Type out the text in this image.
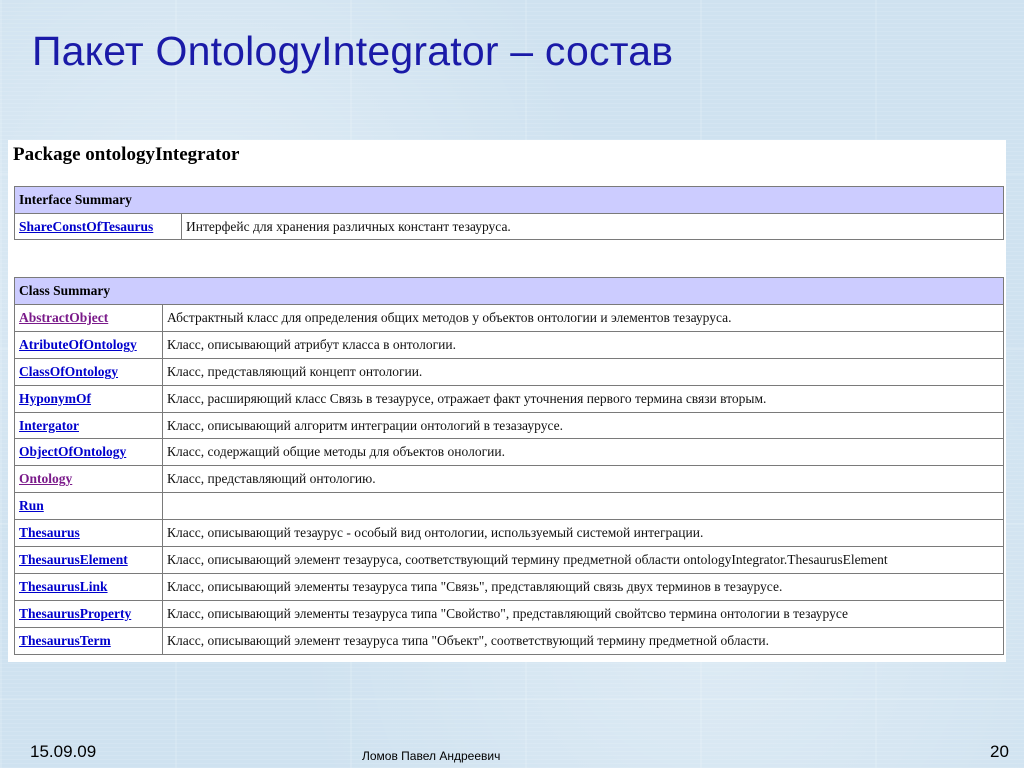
Пакет OntologyIntegrator – состав
Package ontologyIntegrator
Interface Summary
ShareConstOfTesaurus	Интерфейс для хранения различных констант тезауруса.
Class Summary	
AbstractObject	Абстрактный класс для определения общих методов у объектов онтологии и элементов тезауруса.
AtributeOfOntology	Класс, описывающий атрибут класса в онтологии.
ClassOfOntology	Класс, представляющий концепт онтологии.
HyponymOf	Класс, расширяющий класс Связь в тезаурусе, отражает факт уточнения первого термина связи вторым.
Intergator	Класс, описывающий алгоритм интеграции онтологий в тезазаурусе.
ObjectOfOntology	Класс, содержащий общие методы для объектов онологии.
Ontology	Класс, представляющий онтологию.
Run	
Thesaurus	Класс, описывающий тезаурус - особый вид онтологии, используемый системой интеграции.
ThesaurusElement	Класс, описывающий элемент тезауруса, соответствующий термину предметной области ontologyIntegrator.ThesaurusElement
ThesaurusLink	Класс, описывающий элементы тезауруса типа "Связь", представляющий связь двух терминов в тезаурусе.
ThesaurusProperty	Класс, описывающий элементы тезауруса типа "Свойство", представляющий свойтсво термина онтологии в тезаурусе
ThesaurusTerm	Класс, описывающий элемент тезауруса типа "Объект", соответствующий термину предметной области.
15.09.09	Ломов Павел Андреевич	20
